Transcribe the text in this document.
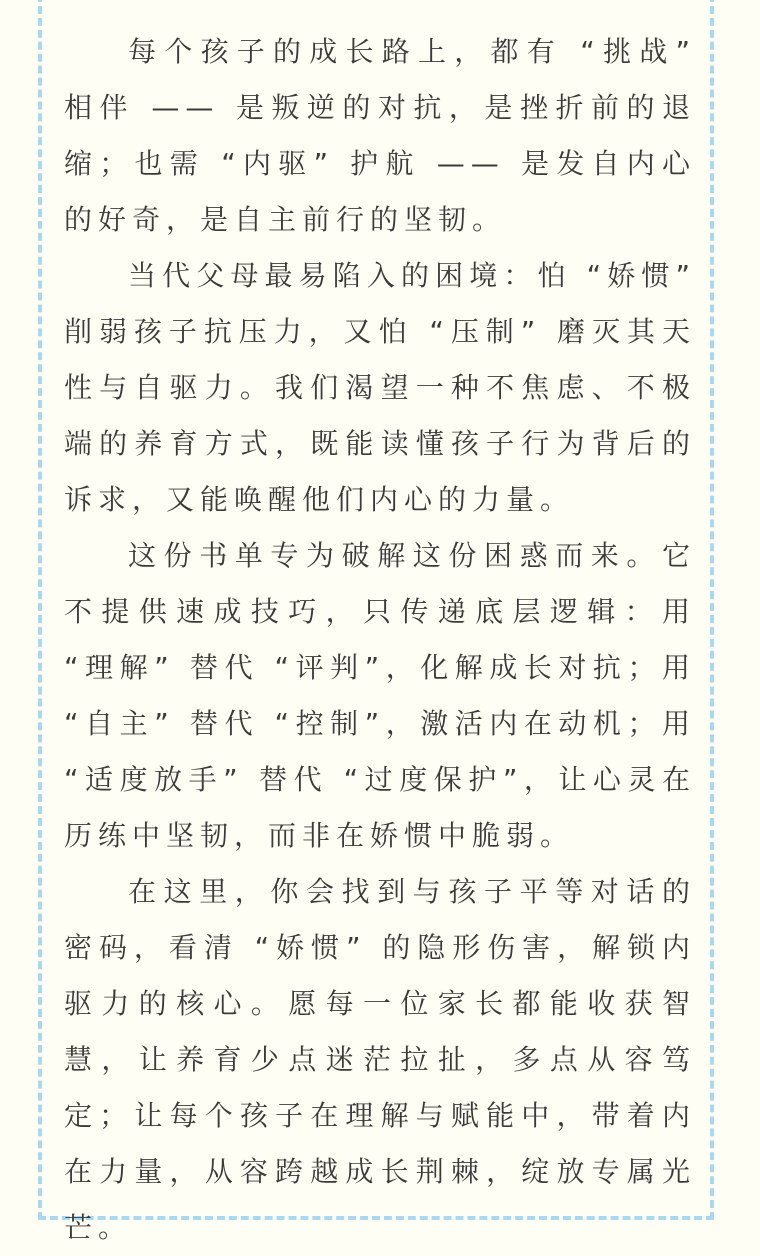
每个孩子的成长路上，都有 “挑战” 相伴 —— 是叛逆的对抗，是挫折前的退缩；也需 “内驱” 护航 —— 是发自内心的好奇，是自主前行的坚韧。

当代父母最易陷入的困境：怕 “娇惯” 削弱孩子抗压力，又怕 “压制” 磨灭其天性与自驱力。我们渴望一种不焦虑、不极端的养育方式，既能读懂孩子行为背后的诉求，又能唤醒他们内心的力量。

这份书单专为破解这份困惑而来。它不提供速成技巧，只传递底层逻辑：用 “理解” 替代 “评判”，化解成长对抗；用 “自主” 替代 “控制”，激活内在动机；用 “适度放手” 替代 “过度保护”，让心灵在历练中坚韧，而非在娇惯中脆弱。

在这里，你会找到与孩子平等对话的密码，看清 “娇惯” 的隐形伤害，解锁内驱力的核心。愿每一位家长都能收获智慧，让养育少点迷茫拉扯，多点从容笃定；让每个孩子在理解与赋能中，带着内在力量，从容跨越成长荆棘，绽放专属光芒。
